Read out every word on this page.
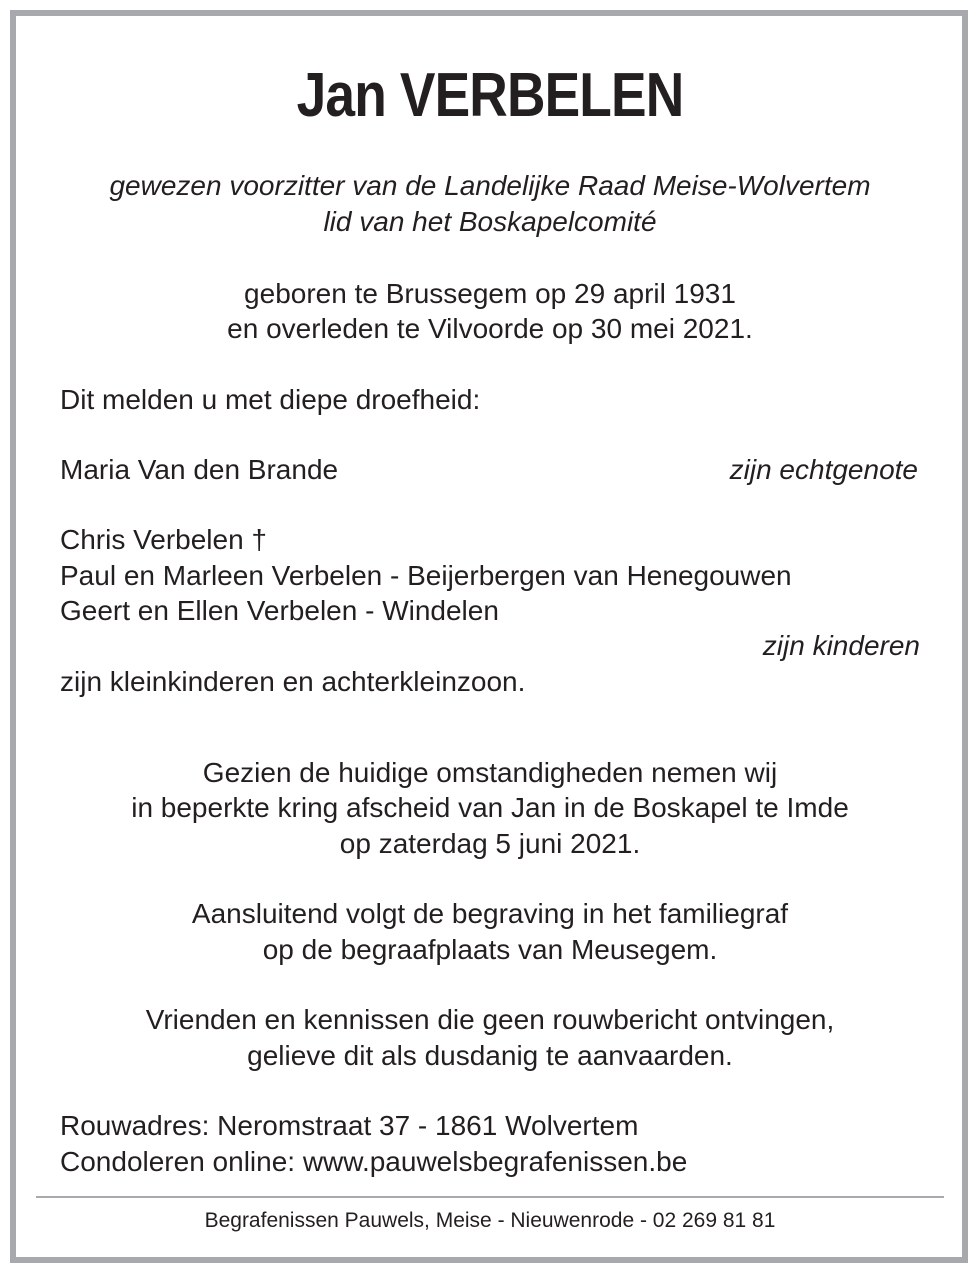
Jan VERBELEN
gewezen voorzitter van de Landelijke Raad Meise-Wolvertem
lid van het Boskapelcomité
geboren te Brussegem op 29 april 1931
en overleden te Vilvoorde op 30 mei 2021.
Dit melden u met diepe droefheid:
Maria Van den Brande	zijn echtgenote
Chris Verbelen †
Paul en Marleen Verbelen - Beijerbergen van Henegouwen
Geert en Ellen Verbelen - Windelen
zijn kinderen
zijn kleinkinderen en achterkleinzoon.
Gezien de huidige omstandigheden nemen wij
in beperkte kring afscheid van Jan in de Boskapel te Imde
op zaterdag 5 juni 2021.
Aansluitend volgt de begraving in het familiegraf
op de begraafplaats van Meusegem.
Vrienden en kennissen die geen rouwbericht ontvingen,
gelieve dit als dusdanig te aanvaarden.
Rouwadres: Neromstraat 37 - 1861 Wolvertem
Condoleren online: www.pauwelsbegrafenissen.be
Begrafenissen Pauwels, Meise - Nieuwenrode - 02 269 81 81
